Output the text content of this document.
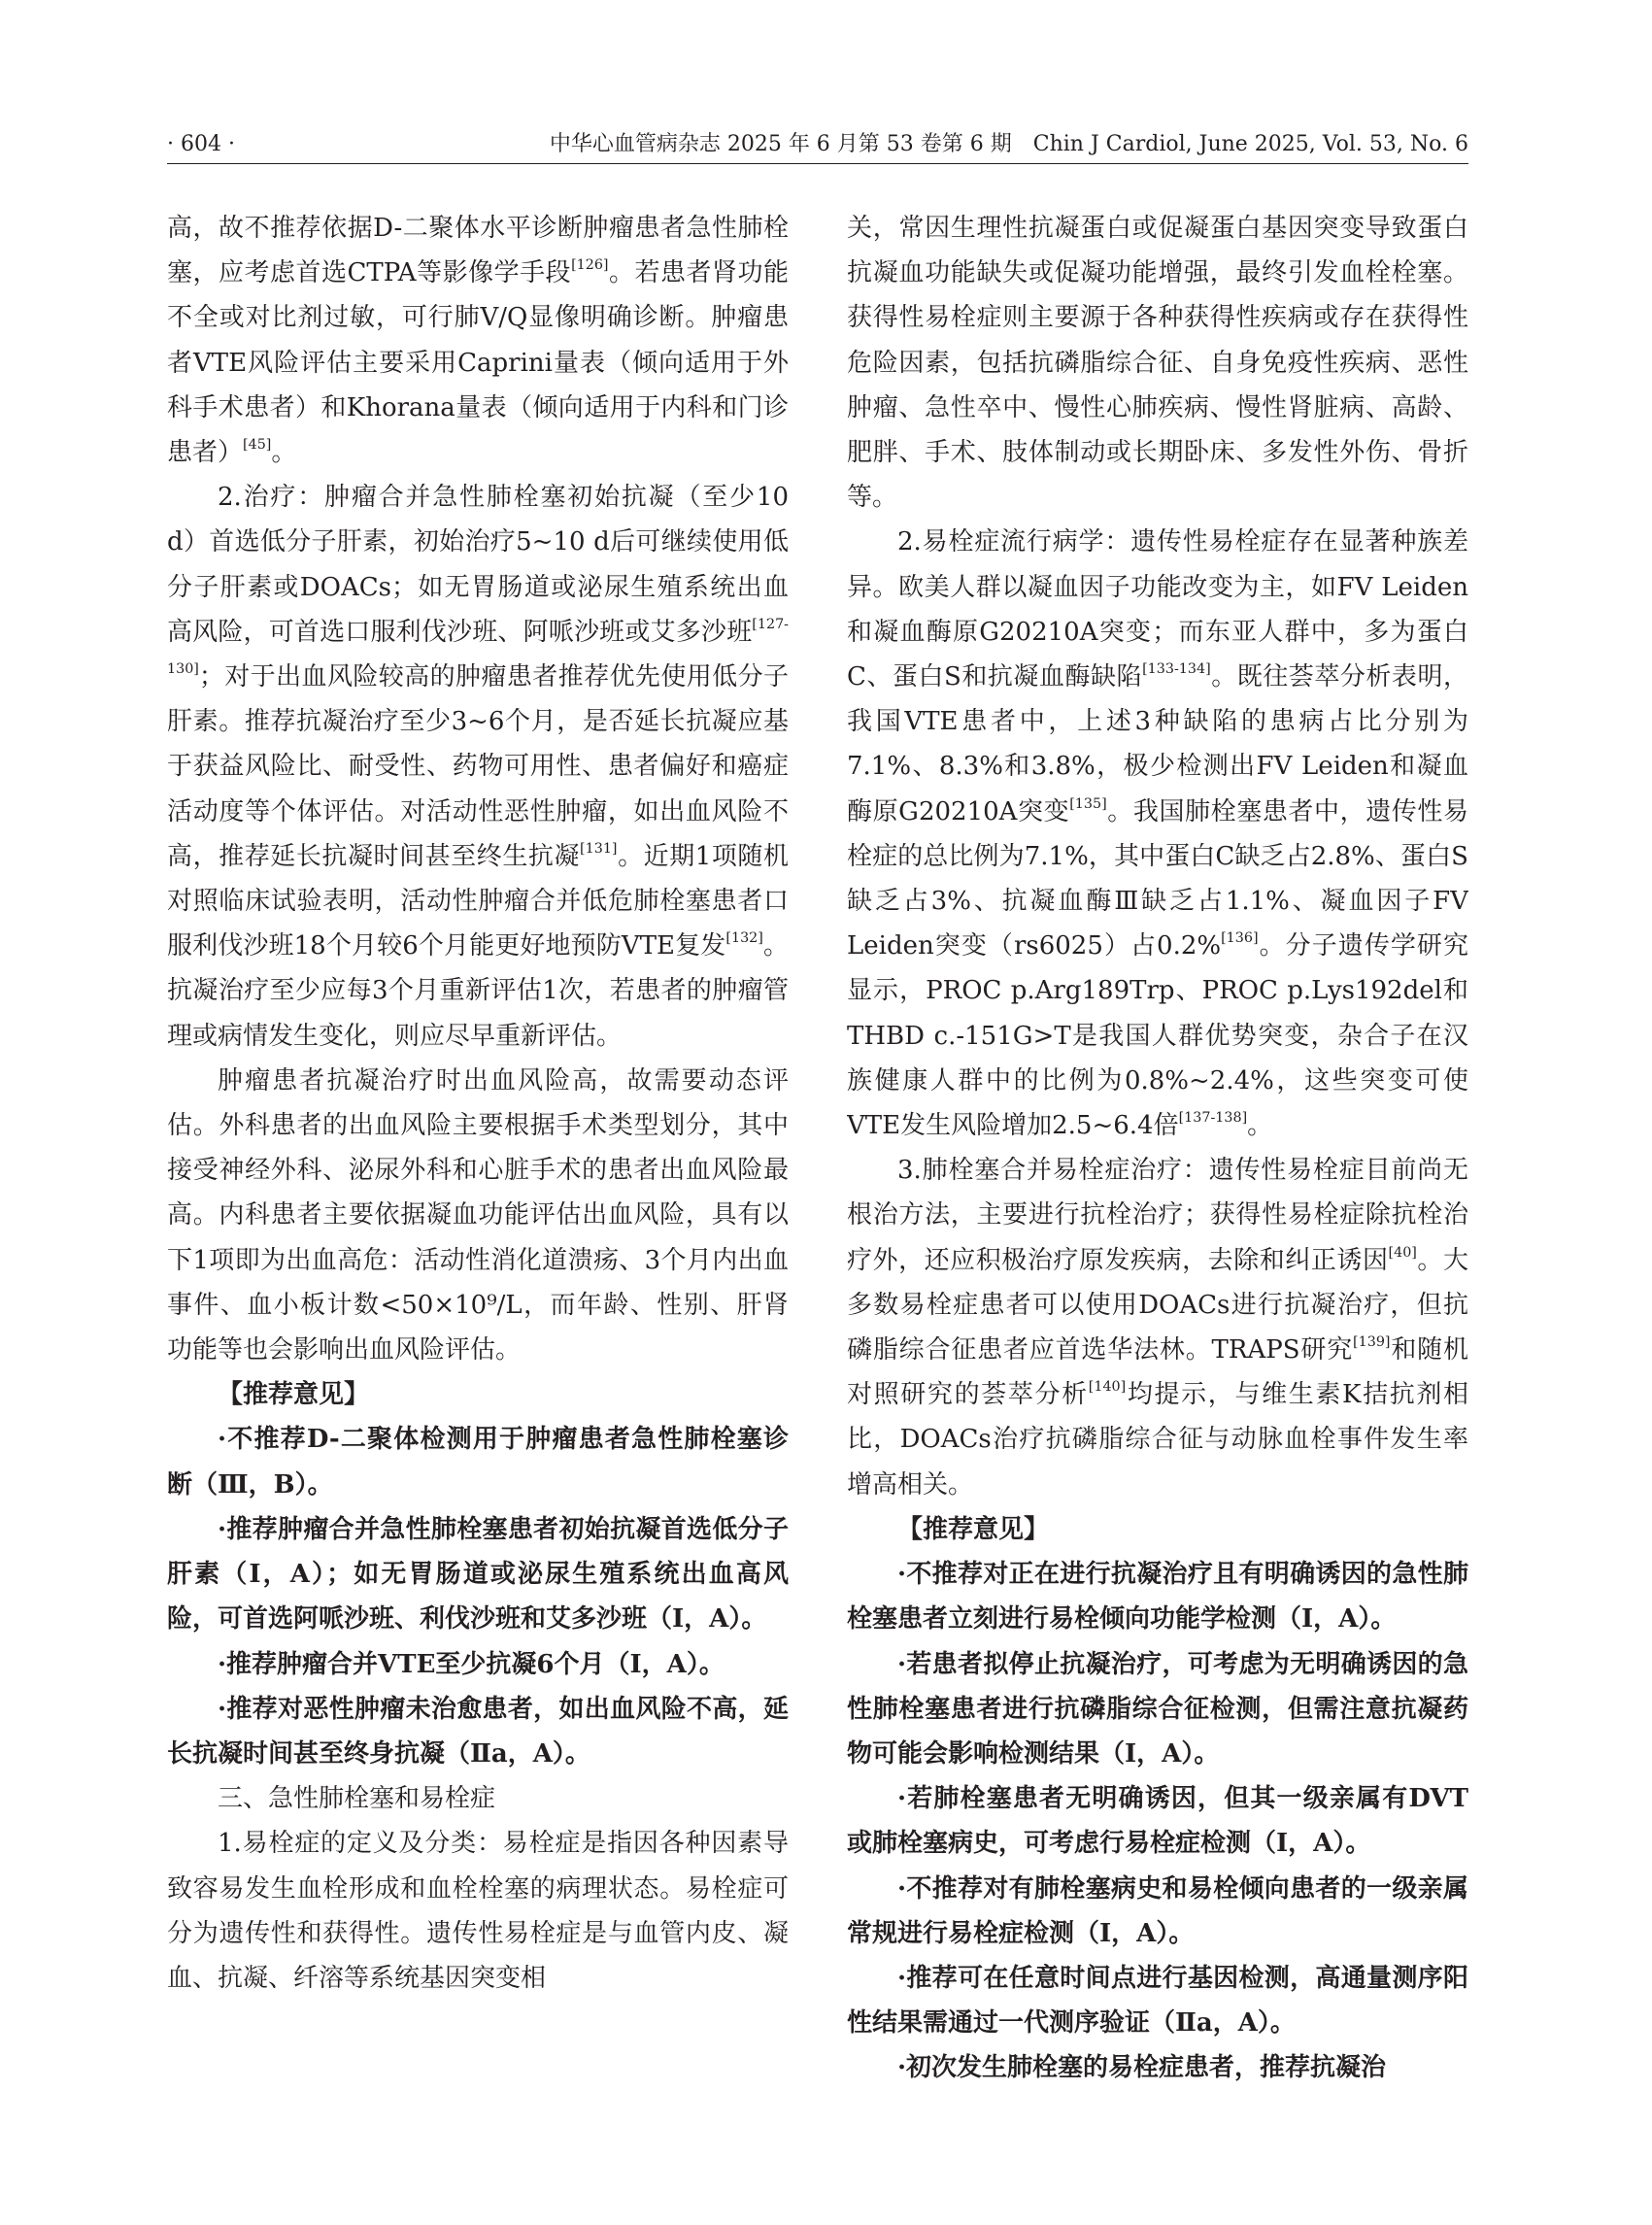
· 604 ·	中华心血管病杂志 2025 年 6 月第 53 卷第 6 期　Chin J Cardiol, June 2025, Vol. 53, No. 6

高，故不推荐依据D-二聚体水平诊断肿瘤患者急性肺栓塞，应考虑首选CTPA等影像学手段[126]。若患者肾功能不全或对比剂过敏，可行肺V/Q显像明确诊断。肿瘤患者VTE风险评估主要采用Caprini量表（倾向适用于外科手术患者）和Khorana量表（倾向适用于内科和门诊患者）[45]。

2.治疗：肿瘤合并急性肺栓塞初始抗凝（至少10 d）首选低分子肝素，初始治疗5~10 d后可继续使用低分子肝素或DOACs；如无胃肠道或泌尿生殖系统出血高风险，可首选口服利伐沙班、阿哌沙班或艾多沙班[127-130]；对于出血风险较高的肿瘤患者推荐优先使用低分子肝素。推荐抗凝治疗至少3~6个月，是否延长抗凝应基于获益风险比、耐受性、药物可用性、患者偏好和癌症活动度等个体评估。对活动性恶性肿瘤，如出血风险不高，推荐延长抗凝时间甚至终生抗凝[131]。近期1项随机对照临床试验表明，活动性肿瘤合并低危肺栓塞患者口服利伐沙班18个月较6个月能更好地预防VTE复发[132]。抗凝治疗至少应每3个月重新评估1次，若患者的肿瘤管理或病情发生变化，则应尽早重新评估。

肿瘤患者抗凝治疗时出血风险高，故需要动态评估。外科患者的出血风险主要根据手术类型划分，其中接受神经外科、泌尿外科和心脏手术的患者出血风险最高。内科患者主要依据凝血功能评估出血风险，具有以下1项即为出血高危：活动性消化道溃疡、3个月内出血事件、血小板计数<50×10⁹/L，而年龄、性别、肝肾功能等也会影响出血风险评估。

【推荐意见】

·不推荐D-二聚体检测用于肿瘤患者急性肺栓塞诊断（Ⅲ，B）。

·推荐肿瘤合并急性肺栓塞患者初始抗凝首选低分子肝素（Ⅰ，A）；如无胃肠道或泌尿生殖系统出血高风险，可首选阿哌沙班、利伐沙班和艾多沙班（Ⅰ，A）。

·推荐肿瘤合并VTE至少抗凝6个月（Ⅰ，A）。

·推荐对恶性肿瘤未治愈患者，如出血风险不高，延长抗凝时间甚至终身抗凝（Ⅱa，A）。

三、急性肺栓塞和易栓症

1.易栓症的定义及分类：易栓症是指因各种因素导致容易发生血栓形成和血栓栓塞的病理状态。易栓症可分为遗传性和获得性。遗传性易栓症是与血管内皮、凝血、抗凝、纤溶等系统基因突变相

关，常因生理性抗凝蛋白或促凝蛋白基因突变导致蛋白抗凝血功能缺失或促凝功能增强，最终引发血栓栓塞。获得性易栓症则主要源于各种获得性疾病或存在获得性危险因素，包括抗磷脂综合征、自身免疫性疾病、恶性肿瘤、急性卒中、慢性心肺疾病、慢性肾脏病、高龄、肥胖、手术、肢体制动或长期卧床、多发性外伤、骨折等。

2.易栓症流行病学：遗传性易栓症存在显著种族差异。欧美人群以凝血因子功能改变为主，如FV Leiden和凝血酶原G20210A突变；而东亚人群中，多为蛋白C、蛋白S和抗凝血酶缺陷[133-134]。既往荟萃分析表明，我国VTE患者中，上述3种缺陷的患病占比分别为7.1%、8.3%和3.8%，极少检测出FV Leiden和凝血酶原G20210A突变[135]。我国肺栓塞患者中，遗传性易栓症的总比例为7.1%，其中蛋白C缺乏占2.8%、蛋白S缺乏占3%、抗凝血酶Ⅲ缺乏占1.1%、凝血因子FV Leiden突变（rs6025）占0.2%[136]。分子遗传学研究显示，PROC p.Arg189Trp、PROC p.Lys192del和THBD c.-151G>T是我国人群优势突变，杂合子在汉族健康人群中的比例为0.8%~2.4%，这些突变可使VTE发生风险增加2.5~6.4倍[137-138]。

3.肺栓塞合并易栓症治疗：遗传性易栓症目前尚无根治方法，主要进行抗栓治疗；获得性易栓症除抗栓治疗外，还应积极治疗原发疾病，去除和纠正诱因[40]。大多数易栓症患者可以使用DOACs进行抗凝治疗，但抗磷脂综合征患者应首选华法林。TRAPS研究[139]和随机对照研究的荟萃分析[140]均提示，与维生素K拮抗剂相比，DOACs治疗抗磷脂综合征与动脉血栓事件发生率增高相关。

【推荐意见】

·不推荐对正在进行抗凝治疗且有明确诱因的急性肺栓塞患者立刻进行易栓倾向功能学检测（Ⅰ，A）。

·若患者拟停止抗凝治疗，可考虑为无明确诱因的急性肺栓塞患者进行抗磷脂综合征检测，但需注意抗凝药物可能会影响检测结果（Ⅰ，A）。

·若肺栓塞患者无明确诱因，但其一级亲属有DVT或肺栓塞病史，可考虑行易栓症检测（Ⅰ，A）。

·不推荐对有肺栓塞病史和易栓倾向患者的一级亲属常规进行易栓症检测（Ⅰ，A）。

·推荐可在任意时间点进行基因检测，高通量测序阳性结果需通过一代测序验证（Ⅱa，A）。

·初次发生肺栓塞的易栓症患者，推荐抗凝治
